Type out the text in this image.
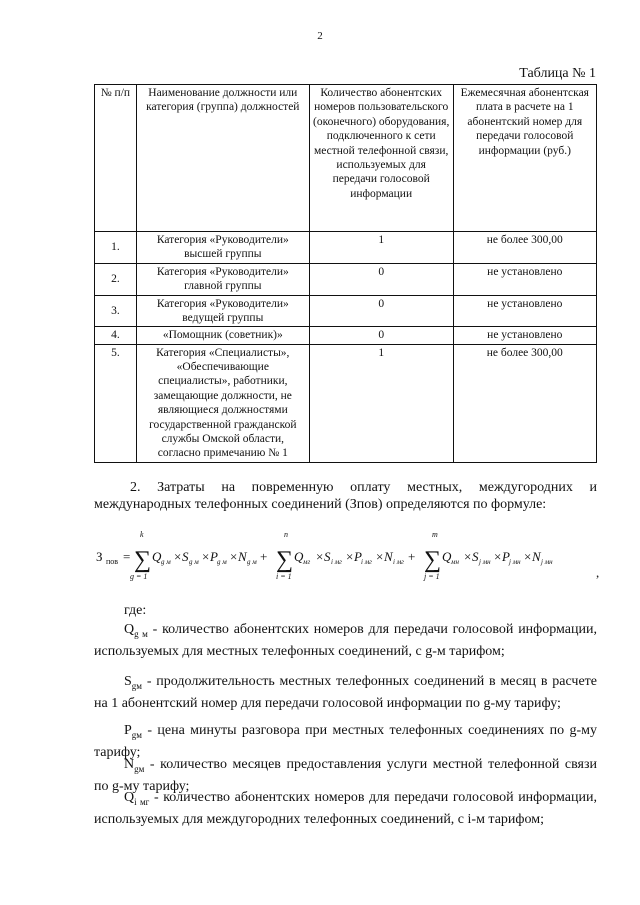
2
Таблица № 1
№ п/п	Наименование должности или категория (группа) должностей	Количество абонентских номеров пользовательского (оконечного) оборудования, подключенного к сети местной телефонной связи, используемых для передачи голосовой информации	Ежемесячная абонентская плата в расчете на 1 абонентский номер для передачи голосовой информации (руб.)
1.	Категория «Руководители» высшей группы	1	не более 300,00
2.	Категория «Руководители» главной группы	0	не установлено
3.	Категория «Руководители» ведущей группы	0	не установлено
4.	«Помощник (советник)»	0	не установлено
5.	Категория «Специалисты», «Обеспечивающие специалисты», работники, замещающие должности, не являющиеся должностями государственной гражданской службы Омской области, согласно примечанию № 1	1	не более 300,00
2. Затраты на повременную оплату местных, междугородних и международных телефонных соединений (Зпов) определяются по формуле:
З пов =
k
∑
g = 1
Q g м × S g м × P g м × N g м +
n
∑
i = 1
Q мг × S i мг × P i мг × N i мг +
m
∑
j = 1
Q мн × S j мн × P j мн × N j мн
,
где:
$Q_{g м}$ - количество абонентских номеров для передачи голосовой информации, используемых для местных телефонных соединений, с g-м тарифом;
$S_{gм}$ - продолжительность местных телефонных соединений в месяц в расчете на 1 абонентский номер для передачи голосовой информации по g-му тарифу;
$P_{gм}$ - цена минуты разговора при местных телефонных соединениях по g-му тарифу;
$N_{gм}$ - количество месяцев предоставления услуги местной телефонной связи по g-му тарифу;
$Q_{i мг}$ - количество абонентских номеров для передачи голосовой информации, используемых для междугородних телефонных соединений, с i-м тарифом;
